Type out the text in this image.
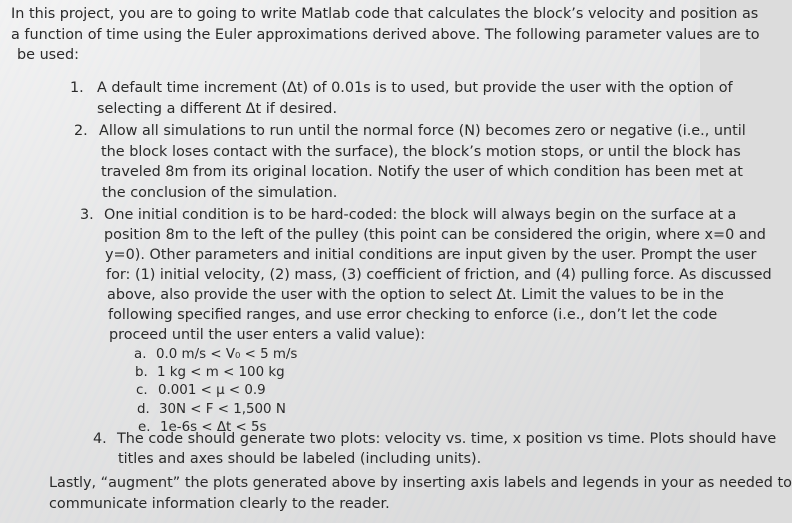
In this project, you are to going to write Matlab code that calculates the block’s velocity and position as
a function of time using the Euler approximations derived above. The following parameter values are to
be used:
1. A default time increment (Δt) of 0.01s is to used, but provide the user with the option of
selecting a different Δt if desired.
2. Allow all simulations to run until the normal force (N) becomes zero or negative (i.e., until
the block loses contact with the surface), the block’s motion stops, or until the block has
traveled 8m from its original location. Notify the user of which condition has been met at
the conclusion of the simulation.
3. One initial condition is to be hard-coded: the block will always begin on the surface at a
position 8m to the left of the pulley (this point can be considered the origin, where x=0 and
y=0). Other parameters and initial conditions are input given by the user. Prompt the user
for: (1) initial velocity, (2) mass, (3) coefficient of friction, and (4) pulling force. As discussed
above, also provide the user with the option to select Δt. Limit the values to be in the
following specified ranges, and use error checking to enforce (i.e., don’t let the code
proceed until the user enters a valid value):
a. 0.0 m/s < V₀ < 5 m/s
b. 1 kg < m < 100 kg
c. 0.001 < μ < 0.9
d. 30N < F < 1,500 N
e. 1e-6s < Δt < 5s
4. The code should generate two plots: velocity vs. time, x position vs time. Plots should have
titles and axes should be labeled (including units).
Lastly, “augment” the plots generated above by inserting axis labels and legends in your as needed to
communicate information clearly to the reader.
